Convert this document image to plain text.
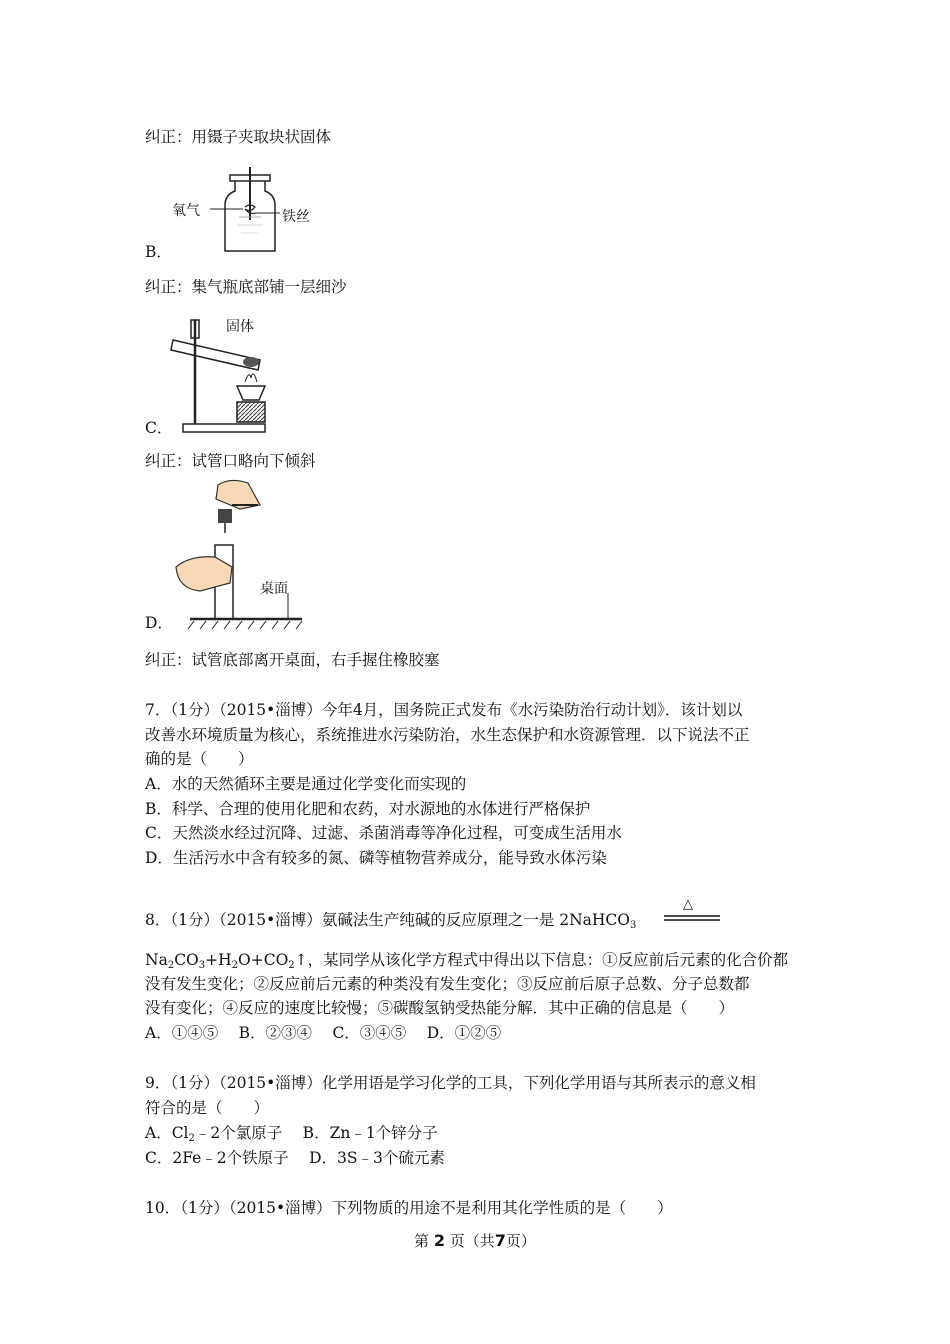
纠正：用镊子夹取块状固体
氧气	铁丝
B．
纠正：集气瓶底部铺一层细沙
固体
C．
纠正：试管口略向下倾斜
桌面
D．
纠正：试管底部离开桌面，右手握住橡胶塞
7．（1分）（2015•淄博）今年4月，国务院正式发布《水污染防治行动计划》．该计划以
改善水环境质量为核心，系统推进水污染防治，水生态保护和水资源管理．以下说法不正
确的是（　　）
A．水的天然循环主要是通过化学变化而实现的
B．科学、合理的使用化肥和农药，对水源地的水体进行严格保护
C．天然淡水经过沉降、过滤、杀菌消毒等净化过程，可变成生活用水
D．生活污水中含有较多的氮、磷等植物营养成分，能导致水体污染
8．（1分）（2015•淄博）氨碱法生产纯碱的反应原理之一是 2NaHCO$_3$
△
$Na_2CO_3+H_2O+CO_2↑$，某同学从该化学方程式中得出以下信息：①反应前后元素的化合价都
没有发生变化；②反应前后元素的种类没有发生变化；③反应前后原子总数、分子总数都
没有变化；④反应的速度比较慢；⑤碳酸氢钠受热能分解．其中正确的信息是（　　）
A．①④⑤　 B．②③④　 C．③④⑤　 D．①②⑤
9．（1分）（2015•淄博）化学用语是学习化学的工具，下列化学用语与其所表示的意义相
符合的是（　　）
A．$Cl_2﹣2$个氯原子　 B．Zn﹣1个锌分子
C．2Fe﹣2个铁原子　 D．3S﹣3个硫元素
10．（1分）（2015•淄博）下列物质的用途不是利用其化学性质的是（　　）
第 2 页（共7页）
